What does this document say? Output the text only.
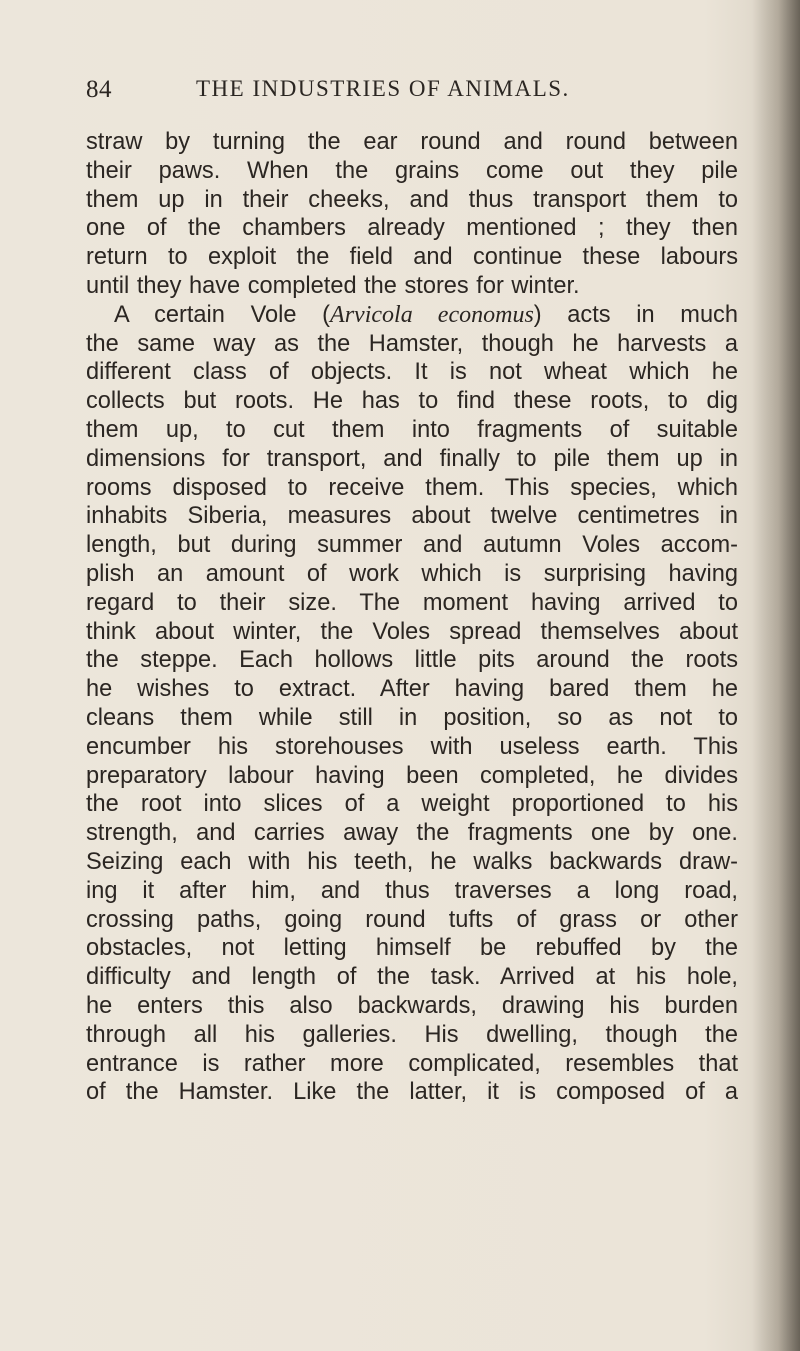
84	THE INDUSTRIES OF ANIMALS.
straw by turning the ear round and round between
their paws. When the grains come out they pile
them up in their cheeks, and thus transport them to
one of the chambers already mentioned ; they then
return to exploit the field and continue these labours
until they have completed the stores for winter.
A certain Vole (Arvicola economus) acts in much
the same way as the Hamster, though he harvests a
different class of objects. It is not wheat which he
collects but roots. He has to find these roots, to dig
them up, to cut them into fragments of suitable
dimensions for transport, and finally to pile them up in
rooms disposed to receive them. This species, which
inhabits Siberia, measures about twelve centimetres in
length, but during summer and autumn Voles accom-
plish an amount of work which is surprising having
regard to their size. The moment having arrived to
think about winter, the Voles spread themselves about
the steppe. Each hollows little pits around the roots
he wishes to extract. After having bared them he
cleans them while still in position, so as not to
encumber his storehouses with useless earth. This
preparatory labour having been completed, he divides
the root into slices of a weight proportioned to his
strength, and carries away the fragments one by one.
Seizing each with his teeth, he walks backwards draw-
ing it after him, and thus traverses a long road,
crossing paths, going round tufts of grass or other
obstacles, not letting himself be rebuffed by the
difficulty and length of the task. Arrived at his hole,
he enters this also backwards, drawing his burden
through all his galleries. His dwelling, though the
entrance is rather more complicated, resembles that
of the Hamster. Like the latter, it is composed of a
